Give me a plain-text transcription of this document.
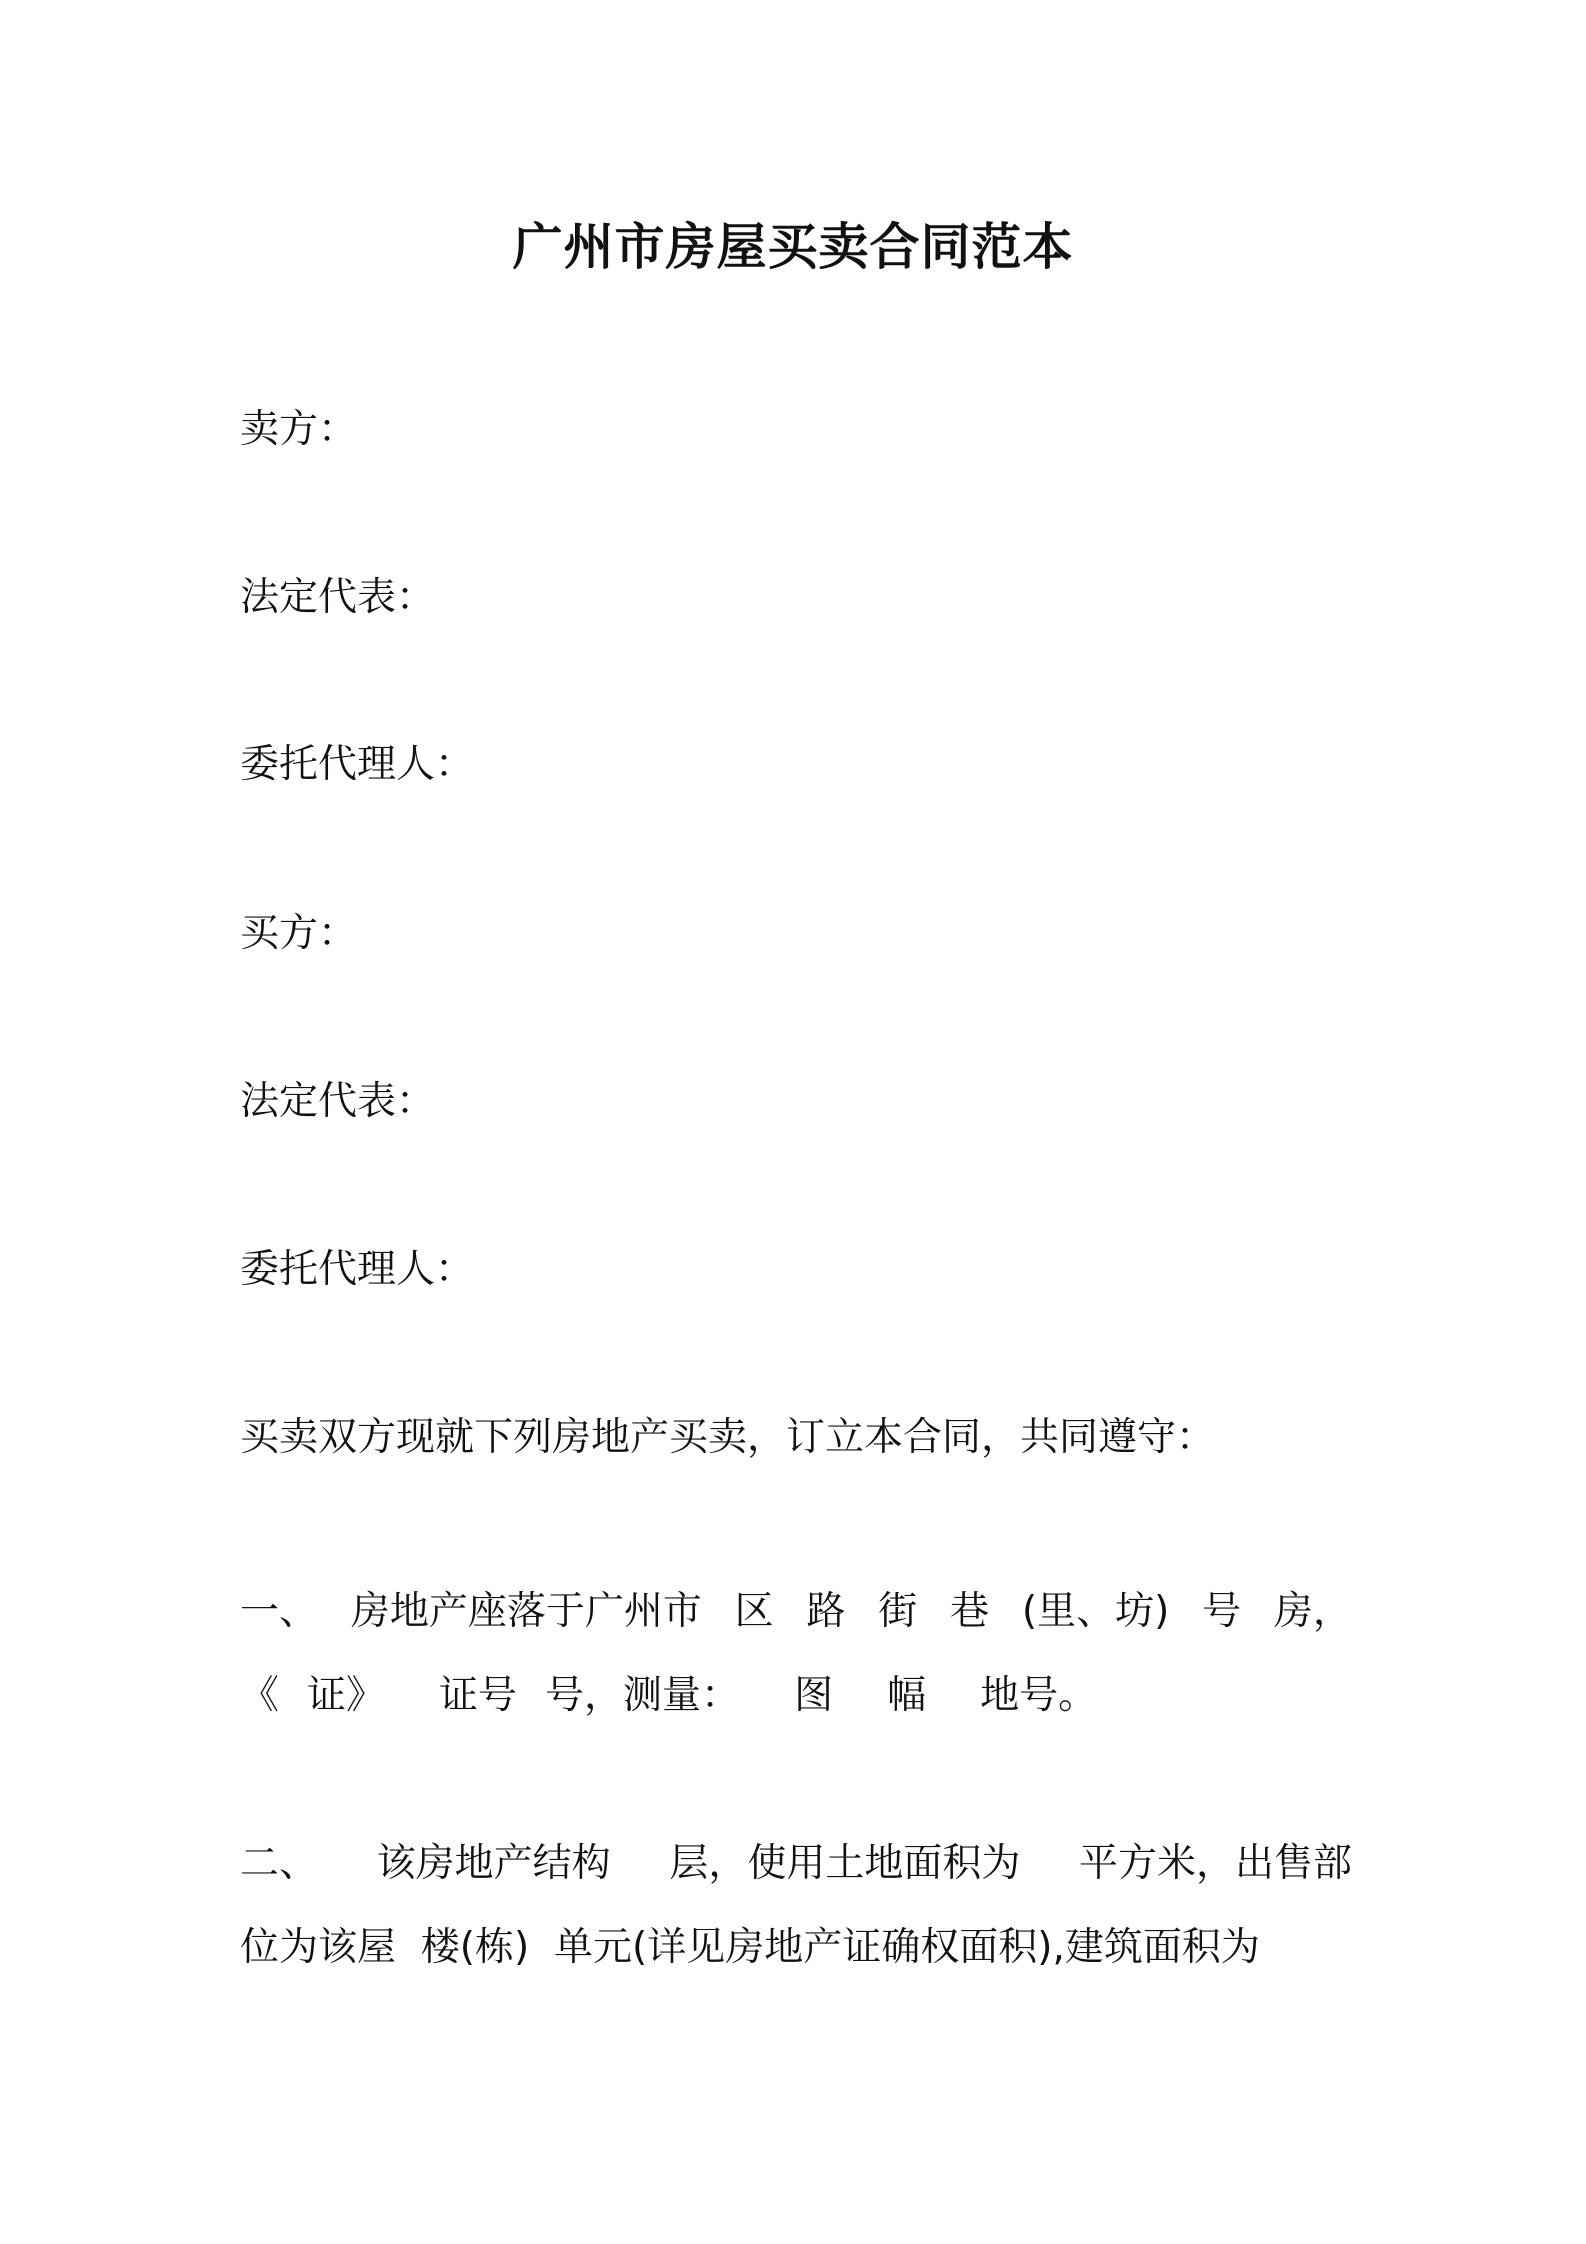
广州市房屋买卖合同范本

卖方：

法定代表：

委托代理人：

买方：

法定代表：

委托代理人：

买卖双方现就下列房地产买卖，订立本合同，共同遵守：

一、 房地产座落于广州市 区 路 街 巷 (里、坊) 号 房，
《 证》 证号 号，测量： 图 幅 地号。
二、 该房地产结构 层，使用土地面积为 平方米，出售部
位为该屋  楼(栋)  单元(详见房地产证确权面积),建筑面积为
